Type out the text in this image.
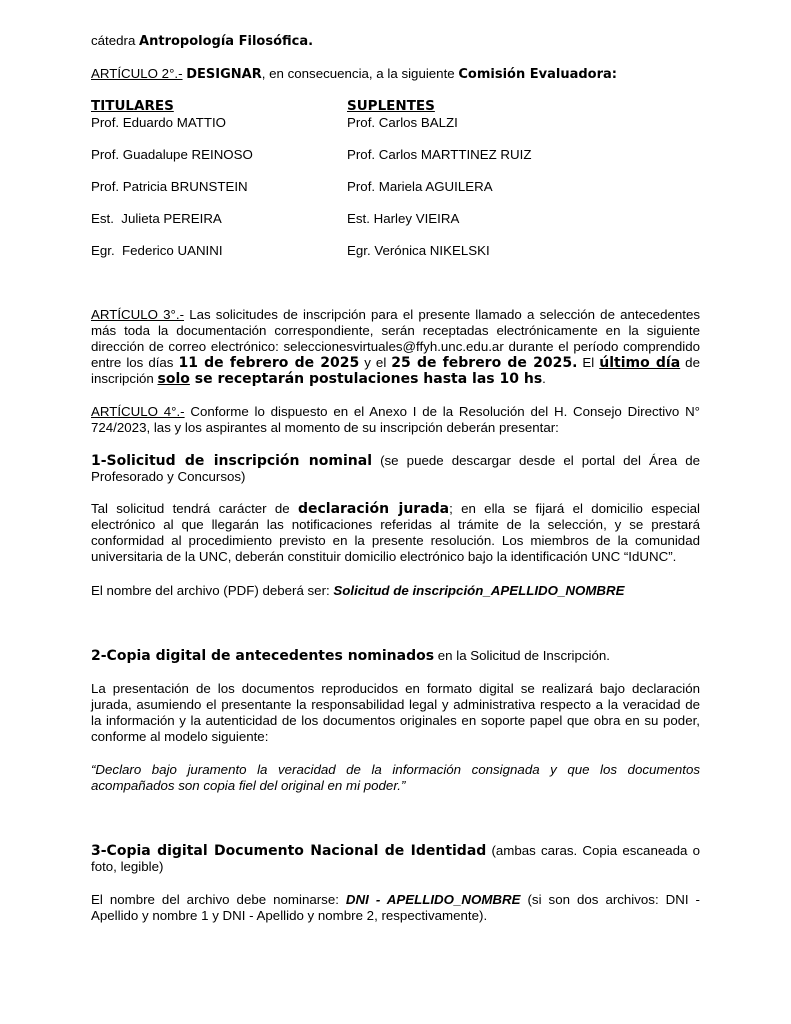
cátedra Antropología Filosófica.

ARTÍCULO 2°.- DESIGNAR, en consecuencia, a la siguiente Comisión Evaluadora:

TITULARES	SUPLENTES
Prof. Eduardo MATTIO
Prof. Guadalupe REINOSO
Prof. Patricia BRUNSTEIN
Est.  Julieta PEREIRA
Egr.  Federico UANINI
Prof. Carlos BALZI
Prof. Carlos MARTTINEZ RUIZ
Prof. Mariela AGUILERA
Est. Harley VIEIRA
Egr. Verónica NIKELSKI

ARTÍCULO 3°.- Las solicitudes de inscripción para el presente llamado a selección de antecedentes más toda la documentación correspondiente, serán receptadas electrónicamente en la siguiente dirección de correo electrónico: seleccionesvirtuales@ffyh.unc.edu.ar durante el período comprendido entre los días 11 de febrero de 2025 y el 25 de febrero de 2025. El último día de inscripción solo se receptarán postulaciones hasta las 10 hs.

ARTÍCULO 4°.- Conforme lo dispuesto en el Anexo I de la Resolución del H. Consejo Directivo N° 724/2023, las y los aspirantes al momento de su inscripción deberán presentar:

1-Solicitud de inscripción nominal (se puede descargar desde el portal del Área de Profesorado y Concursos)

Tal solicitud tendrá carácter de declaración jurada; en ella se fijará el domicilio especial electrónico al que llegarán las notificaciones referidas al trámite de la selección, y se prestará conformidad al procedimiento previsto en la presente resolución. Los miembros de la comunidad universitaria de la UNC, deberán constituir domicilio electrónico bajo la identificación UNC “IdUNC”.

El nombre del archivo (PDF) deberá ser: Solicitud de inscripción_APELLIDO_NOMBRE

2-Copia digital de antecedentes nominados en la Solicitud de Inscripción.

La presentación de los documentos reproducidos en formato digital se realizará bajo declaración jurada, asumiendo el presentante la responsabilidad legal y administrativa respecto a la veracidad de la información y la autenticidad de los documentos originales en soporte papel que obra en su poder, conforme al modelo siguiente:

“Declaro bajo juramento la veracidad de la información consignada y que los documentos acompañados son copia fiel del original en mi poder.”

3-Copia digital Documento Nacional de Identidad (ambas caras. Copia escaneada o foto, legible)

El nombre del archivo debe nominarse: DNI - APELLIDO_NOMBRE (si son dos archivos: DNI - Apellido y nombre 1 y DNI - Apellido y nombre 2, respectivamente).
